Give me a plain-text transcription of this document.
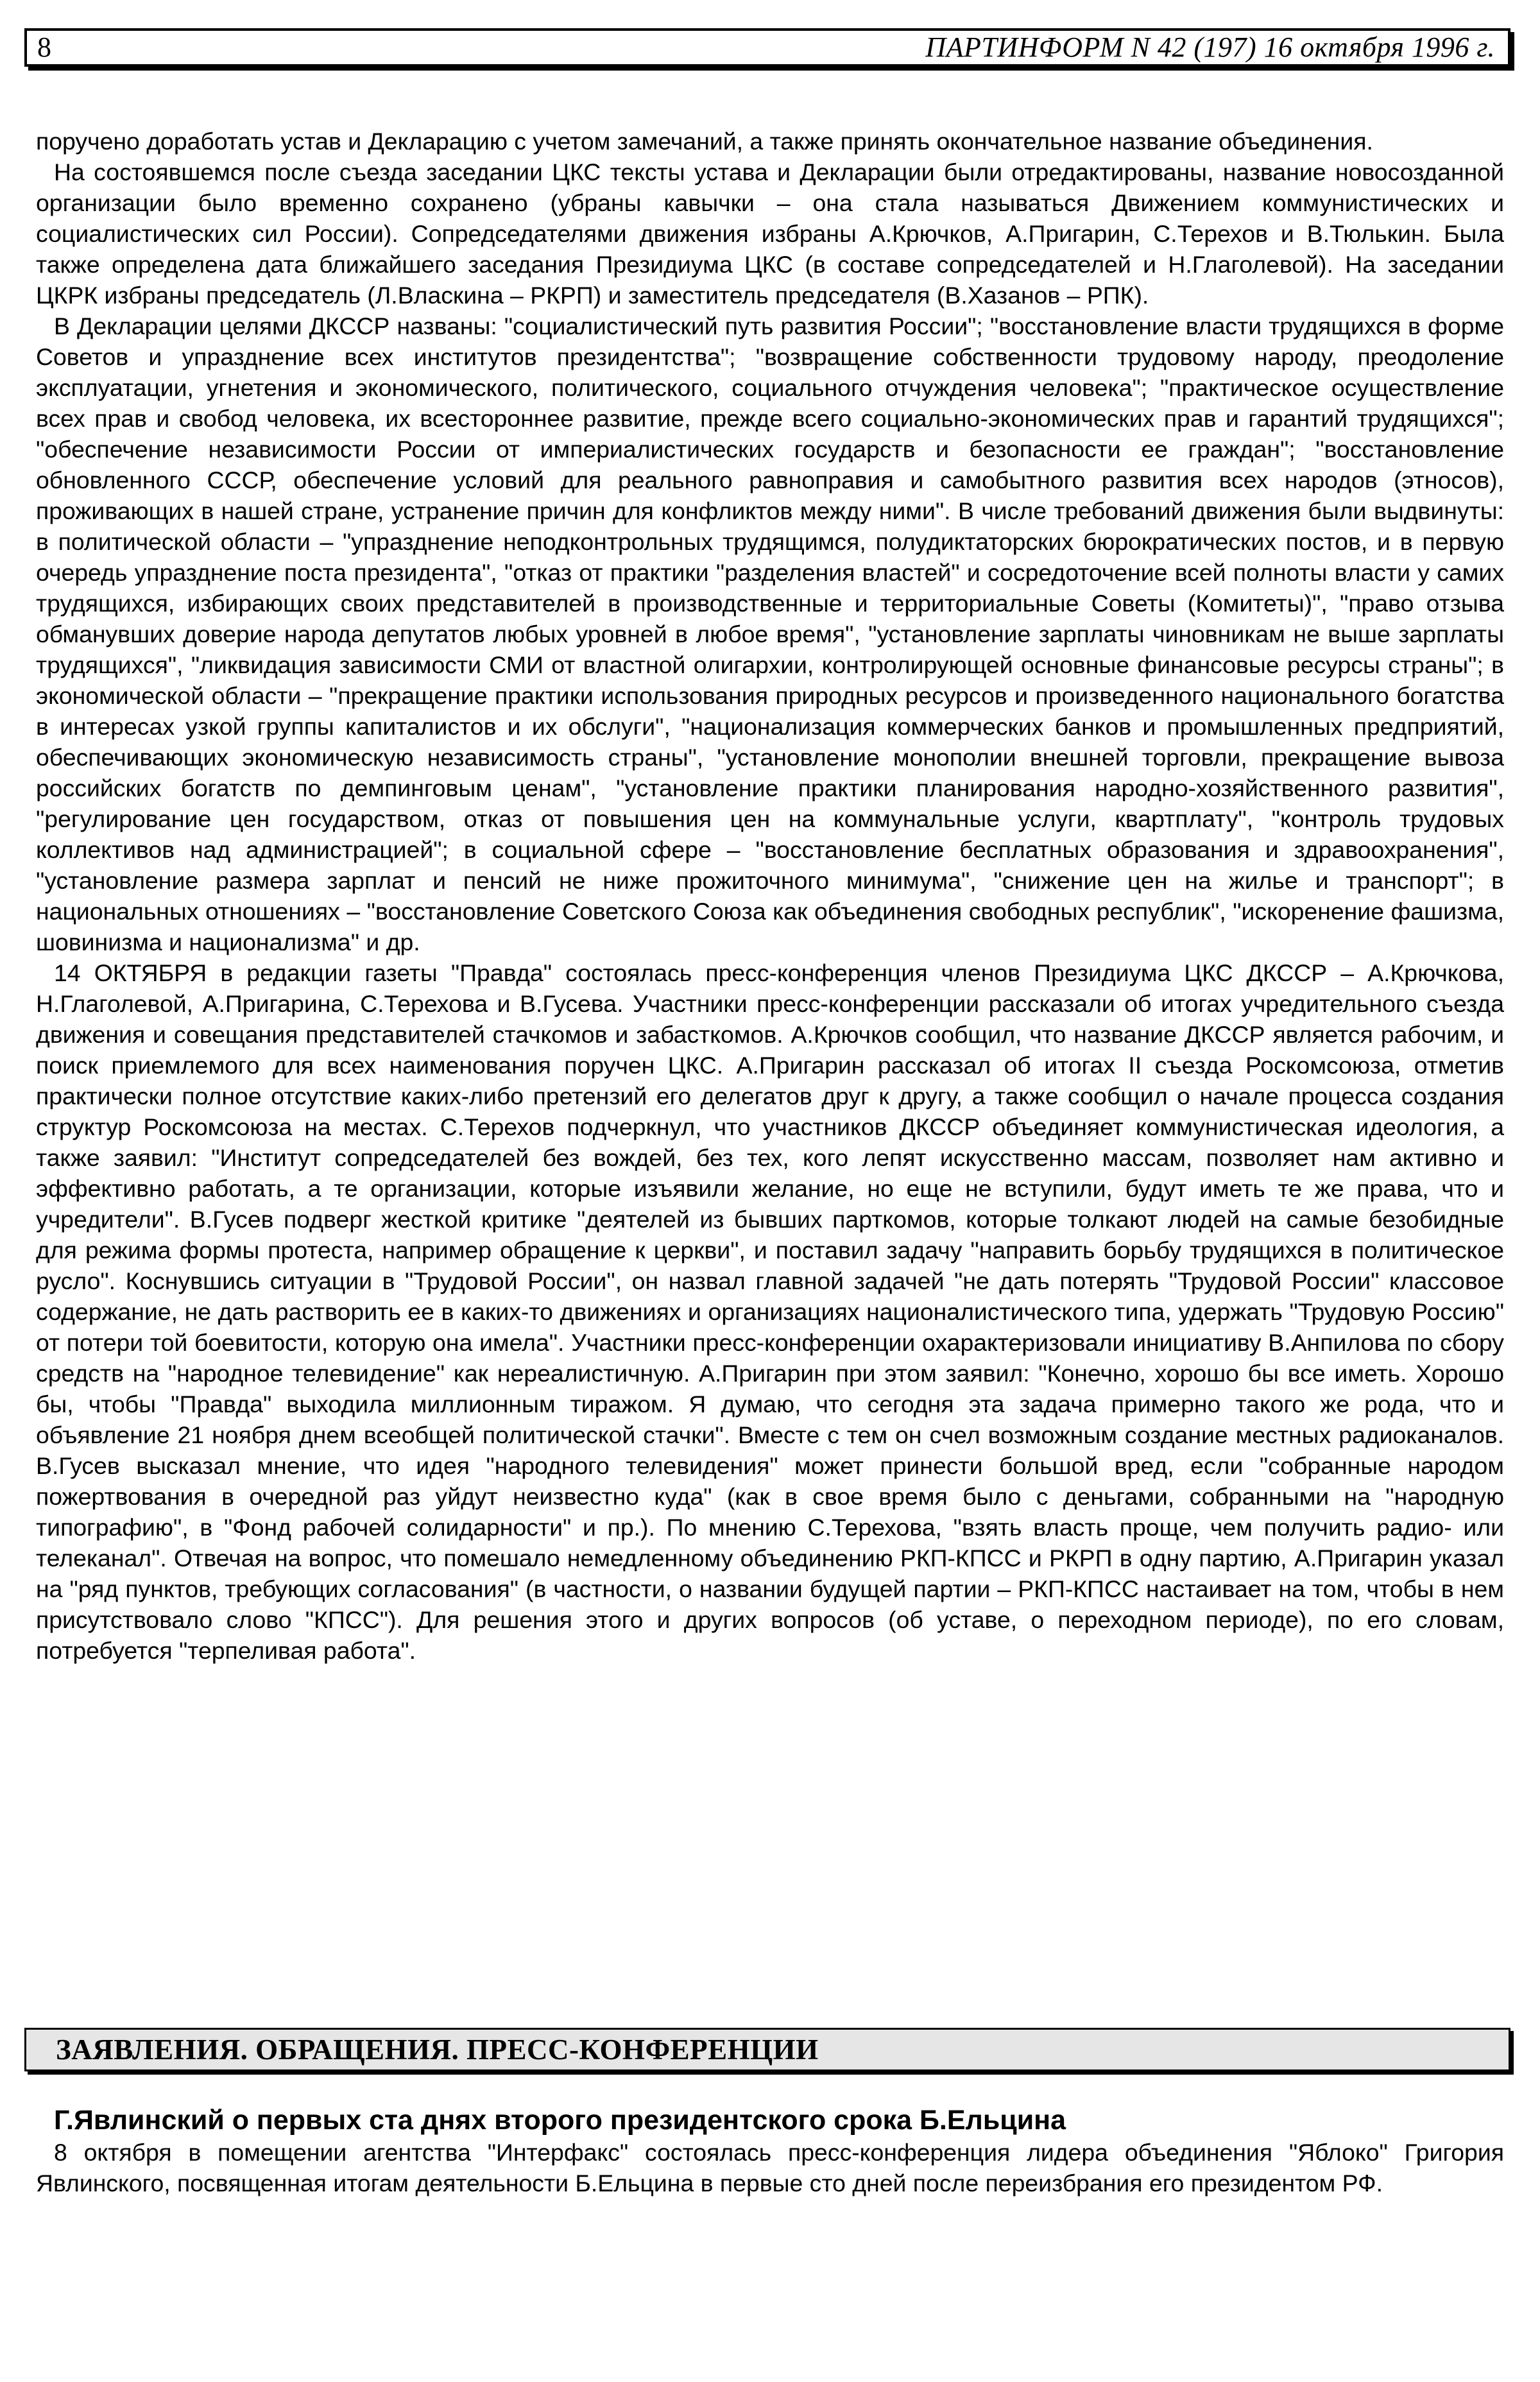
8	ПАРТИНФОРМ N 42 (197) 16 октября 1996 г.

поручено доработать устав и Декларацию с учетом замечаний, а также принять окончательное название объединения.

На состоявшемся после съезда заседании ЦКС тексты устава и Декларации были отредактированы, название новосозданной организации было временно сохранено (убраны кавычки – она стала называться Движением коммунистических и социалистических сил России). Сопредседателями движения избраны А.Крючков, А.Пригарин, С.Терехов и В.Тюлькин. Была также определена дата ближайшего заседания Президиума ЦКС (в составе сопредседателей и Н.Глаголевой). На заседании ЦКРК избраны председатель (Л.Власкина – РКРП) и заместитель председателя (В.Хазанов – РПК).

В Декларации целями ДКССР названы: "социалистический путь развития России"; "восстановление власти трудящихся в форме Советов и упразднение всех институтов президентства"; "возвращение собственности трудовому народу, преодоление эксплуатации, угнетения и экономического, политического, социального отчуждения человека"; "практическое осуществление всех прав и свобод человека, их всестороннее развитие, прежде всего социально-экономических прав и гарантий трудящихся"; "обеспечение независимости России от империалистических государств и безопасности ее граждан"; "восстановление обновленного СССР, обеспечение условий для реального равноправия и самобытного развития всех народов (этносов), проживающих в нашей стране, устранение причин для конфликтов между ними". В числе требований движения были выдвинуты: в политической области – "упразднение неподконтрольных трудящимся, полудиктаторских бюрократических постов, и в первую очередь упразднение поста президента", "отказ от практики "разделения властей" и сосредоточение всей полноты власти у самих трудящихся, избирающих своих представителей в производственные и территориальные Советы (Комитеты)", "право отзыва обманувших доверие народа депутатов любых уровней в любое время", "установление зарплаты чиновникам не выше зарплаты трудящихся", "ликвидация зависимости СМИ от властной олигархии, контролирующей основные финансовые ресурсы страны"; в экономической области – "прекращение практики использования природных ресурсов и произведенного национального богатства в интересах узкой группы капиталистов и их обслуги", "национализация коммерческих банков и промышленных предприятий, обеспечивающих экономическую независимость страны", "установление монополии внешней торговли, прекращение вывоза российских богатств по демпинговым ценам", "установление практики планирования народно-хозяйственного развития", "регулирование цен государством, отказ от повышения цен на коммунальные услуги, квартплату", "контроль трудовых коллективов над администрацией"; в социальной сфере – "восстановление бесплатных образования и здравоохранения", "установление размера зарплат и пенсий не ниже прожиточного минимума", "снижение цен на жилье и транспорт"; в национальных отношениях – "восстановление Советского Союза как объединения свободных республик", "искоренение фашизма, шовинизма и национализма" и др.

14 ОКТЯБРЯ в редакции газеты "Правда" состоялась пресс-конференция членов Президиума ЦКС ДКССР – А.Крючкова, Н.Глаголевой, А.Пригарина, С.Терехова и В.Гусева. Участники пресс-конференции рассказали об итогах учредительного съезда движения и совещания представителей стачкомов и забасткомов. А.Крючков сообщил, что название ДКССР является рабочим, и поиск приемлемого для всех наименования поручен ЦКС. А.Пригарин рассказал об итогах II съезда Роскомсоюза, отметив практически полное отсутствие каких-либо претензий его делегатов друг к другу, а также сообщил о начале процесса создания структур Роскомсоюза на местах. С.Терехов подчеркнул, что участников ДКССР объединяет коммунистическая идеология, а также заявил: "Институт сопредседателей без вождей, без тех, кого лепят искусственно массам, позволяет нам активно и эффективно работать, а те организации, которые изъявили желание, но еще не вступили, будут иметь те же права, что и учредители". В.Гусев подверг жесткой критике "деятелей из бывших парткомов, которые толкают людей на самые безобидные для режима формы протеста, например обращение к церкви", и поставил задачу "направить борьбу трудящихся в политическое русло". Коснувшись ситуации в "Трудовой России", он назвал главной задачей "не дать потерять "Трудовой России" классовое содержание, не дать растворить ее в каких-то движениях и организациях националистического типа, удержать "Трудовую Россию" от потери той боевитости, которую она имела". Участники пресс-конференции охарактеризовали инициативу В.Анпилова по сбору средств на "народное телевидение" как нереалистичную. А.Пригарин при этом заявил: "Конечно, хорошо бы все иметь. Хорошо бы, чтобы "Правда" выходила миллионным тиражом. Я думаю, что сегодня эта задача примерно такого же рода, что и объявление 21 ноября днем всеобщей политической стачки". Вместе с тем он счел возможным создание местных радиоканалов. В.Гусев высказал мнение, что идея "народного телевидения" может принести большой вред, если "собранные народом пожертвования в очередной раз уйдут неизвестно куда" (как в свое время было с деньгами, собранными на "народную типографию", в "Фонд рабочей солидарности" и пр.). По мнению С.Терехова, "взять власть проще, чем получить радио- или телеканал". Отвечая на вопрос, что помешало немедленному объединению РКП-КПСС и РКРП в одну партию, А.Пригарин указал на "ряд пунктов, требующих согласования" (в частности, о названии будущей партии – РКП-КПСС настаивает на том, чтобы в нем присутствовало слово "КПСС"). Для решения этого и других вопросов (об уставе, о переходном периоде), по его словам, потребуется "терпеливая работа".

ЗАЯВЛЕНИЯ. ОБРАЩЕНИЯ. ПРЕСС-КОНФЕРЕНЦИИ

Г.Явлинский о первых ста днях второго президентского срока Б.Ельцина

8 октября в помещении агентства "Интерфакс" состоялась пресс-конференция лидера объединения "Яблоко" Григория Явлинского, посвященная итогам деятельности Б.Ельцина в первые сто дней после переизбрания его президентом РФ.
